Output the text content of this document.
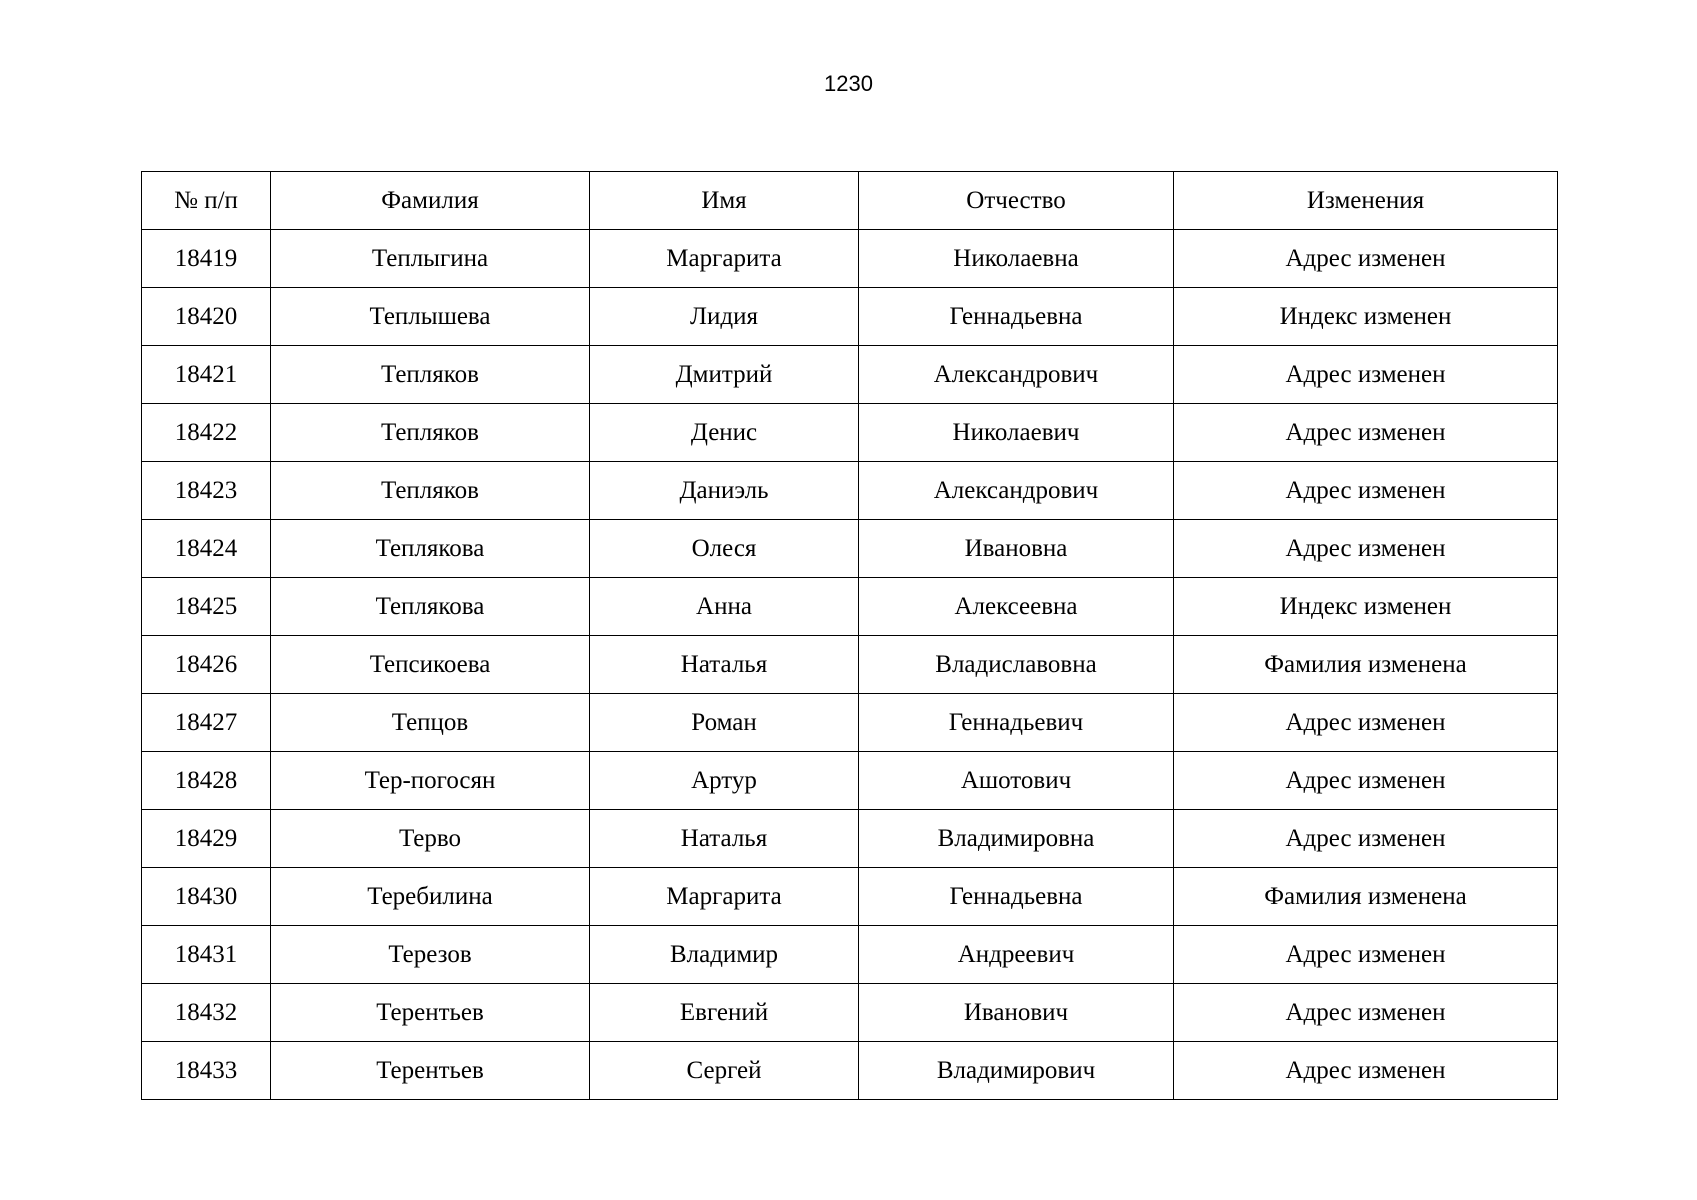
1230
№ п/п	Фамилия	Имя	Отчество	Изменения
18419	Теплыгина	Маргарита	Николаевна	Адрес изменен
18420	Теплышева	Лидия	Геннадьевна	Индекс изменен
18421	Тепляков	Дмитрий	Александрович	Адрес изменен
18422	Тепляков	Денис	Николаевич	Адрес изменен
18423	Тепляков	Даниэль	Александрович	Адрес изменен
18424	Теплякова	Олеся	Ивановна	Адрес изменен
18425	Теплякова	Анна	Алексеевна	Индекс изменен
18426	Тепсикоева	Наталья	Владиславовна	Фамилия изменена
18427	Тепцов	Роман	Геннадьевич	Адрес изменен
18428	Тер-погосян	Артур	Ашотович	Адрес изменен
18429	Терво	Наталья	Владимировна	Адрес изменен
18430	Теребилина	Маргарита	Геннадьевна	Фамилия изменена
18431	Терезов	Владимир	Андреевич	Адрес изменен
18432	Терентьев	Евгений	Иванович	Адрес изменен
18433	Терентьев	Сергей	Владимирович	Адрес изменен
